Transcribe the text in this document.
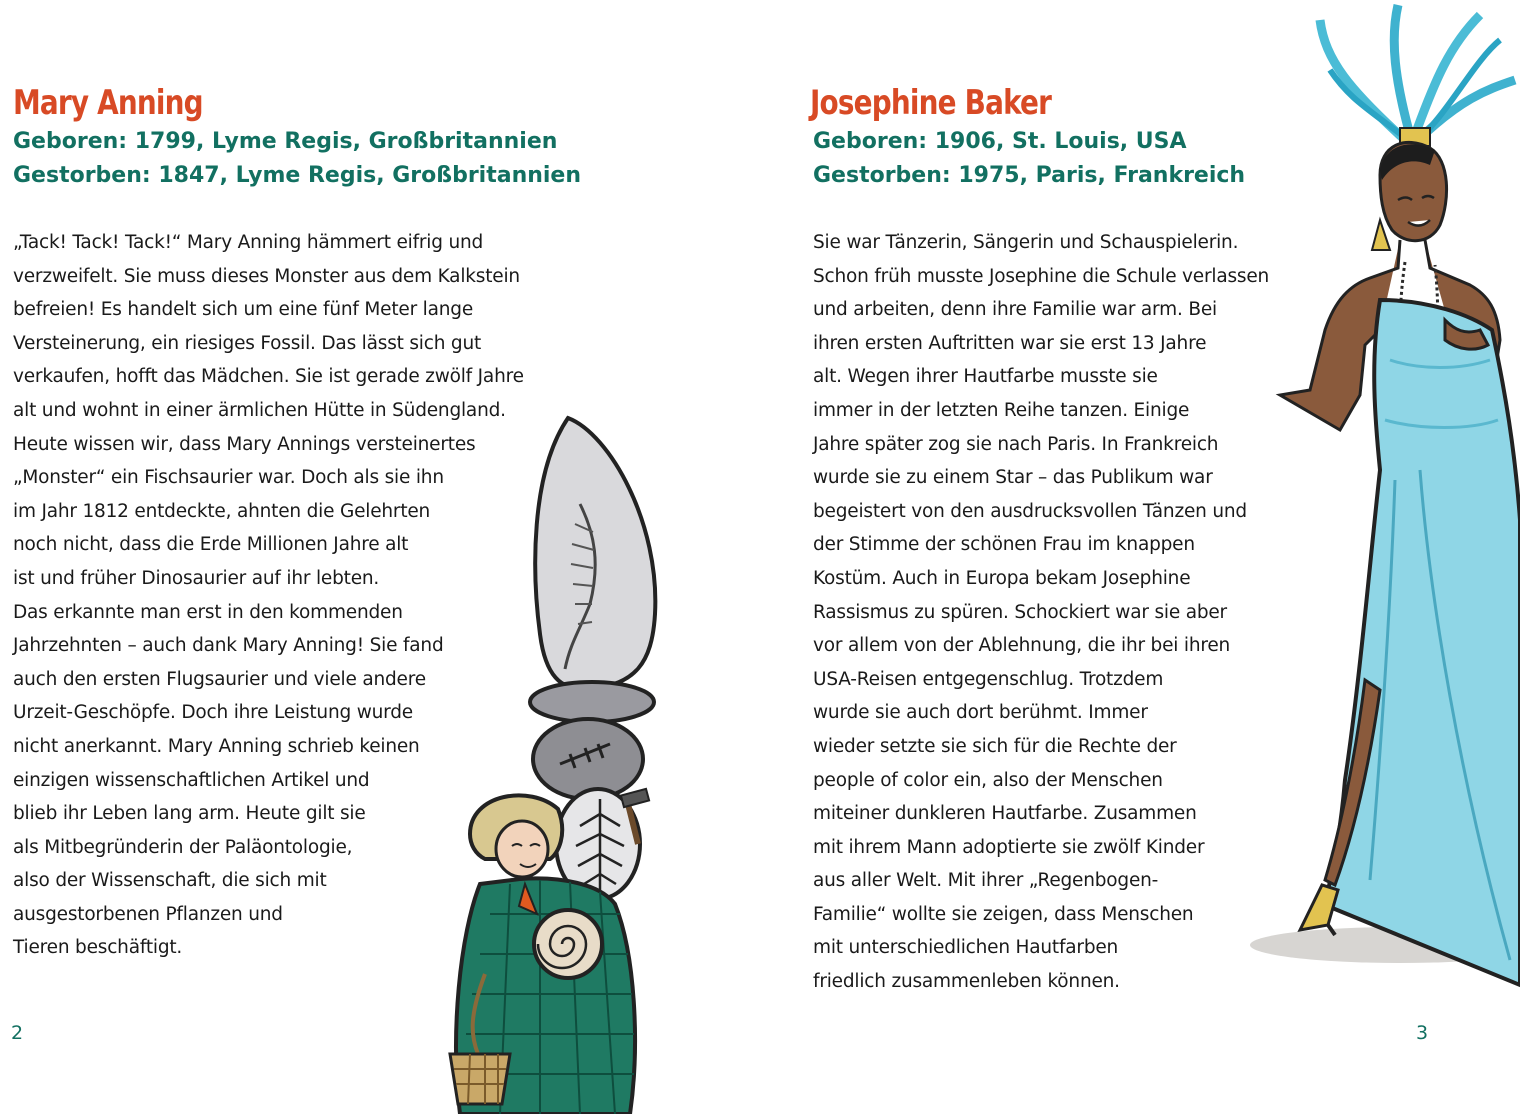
Mary Anning
Geboren: 1799, Lyme Regis, Großbritannien
Gestorben: 1847, Lyme Regis, Großbritannien
„Tack! Tack! Tack!“ Mary Anning hämmert eifrig und
verzweifelt. Sie muss dieses Monster aus dem Kalkstein
befreien! Es handelt sich um eine fünf Meter lange
Versteinerung, ein riesiges Fossil. Das lässt sich gut
verkaufen, hofft das Mädchen. Sie ist gerade zwölf Jahre
alt und wohnt in einer ärmlichen Hütte in Südengland.
Heute wissen wir, dass Mary Annings versteinertes
„Monster“ ein Fischsaurier war. Doch als sie ihn
im Jahr 1812 entdeckte, ahnten die Gelehrten
noch nicht, dass die Erde Millionen Jahre alt
ist und früher Dinosaurier auf ihr lebten.
Das erkannte man erst in den kommenden
Jahrzehnten – auch dank Mary Anning! Sie fand
auch den ersten Flugsaurier und viele andere
Urzeit-Geschöpfe. Doch ihre Leistung wurde
nicht anerkannt. Mary Anning schrieb keinen
einzigen wissenschaftlichen Artikel und
blieb ihr Leben lang arm. Heute gilt sie
als Mitbegründerin der Paläontologie,
also der Wissenschaft, die sich mit
ausgestorbenen Pflanzen und
Tieren beschäftigt.
2
Josephine Baker
Geboren: 1906, St. Louis, USA
Gestorben: 1975, Paris, Frankreich
Sie war Tänzerin, Sängerin und Schauspielerin.
Schon früh musste Josephine die Schule verlassen
und arbeiten, denn ihre Familie war arm. Bei
ihren ersten Auftritten war sie erst 13 Jahre
alt. Wegen ihrer Hautfarbe musste sie
immer in der letzten Reihe tanzen. Einige
Jahre später zog sie nach Paris. In Frankreich
wurde sie zu einem Star – das Publikum war
begeistert von den ausdrucksvollen Tänzen und
der Stimme der schönen Frau im knappen
Kostüm. Auch in Europa bekam Josephine
Rassismus zu spüren. Schockiert war sie aber
vor allem von der Ablehnung, die ihr bei ihren
USA-Reisen entgegenschlug. Trotzdem
wurde sie auch dort berühmt. Immer
wieder setzte sie sich für die Rechte der
people of color ein, also der Menschen
miteiner dunkleren Hautfarbe. Zusammen
mit ihrem Mann adoptierte sie zwölf Kinder
aus aller Welt. Mit ihrer „Regenbogen-
Familie“ wollte sie zeigen, dass Menschen
mit unterschiedlichen Hautfarben
friedlich zusammenleben können.
3
